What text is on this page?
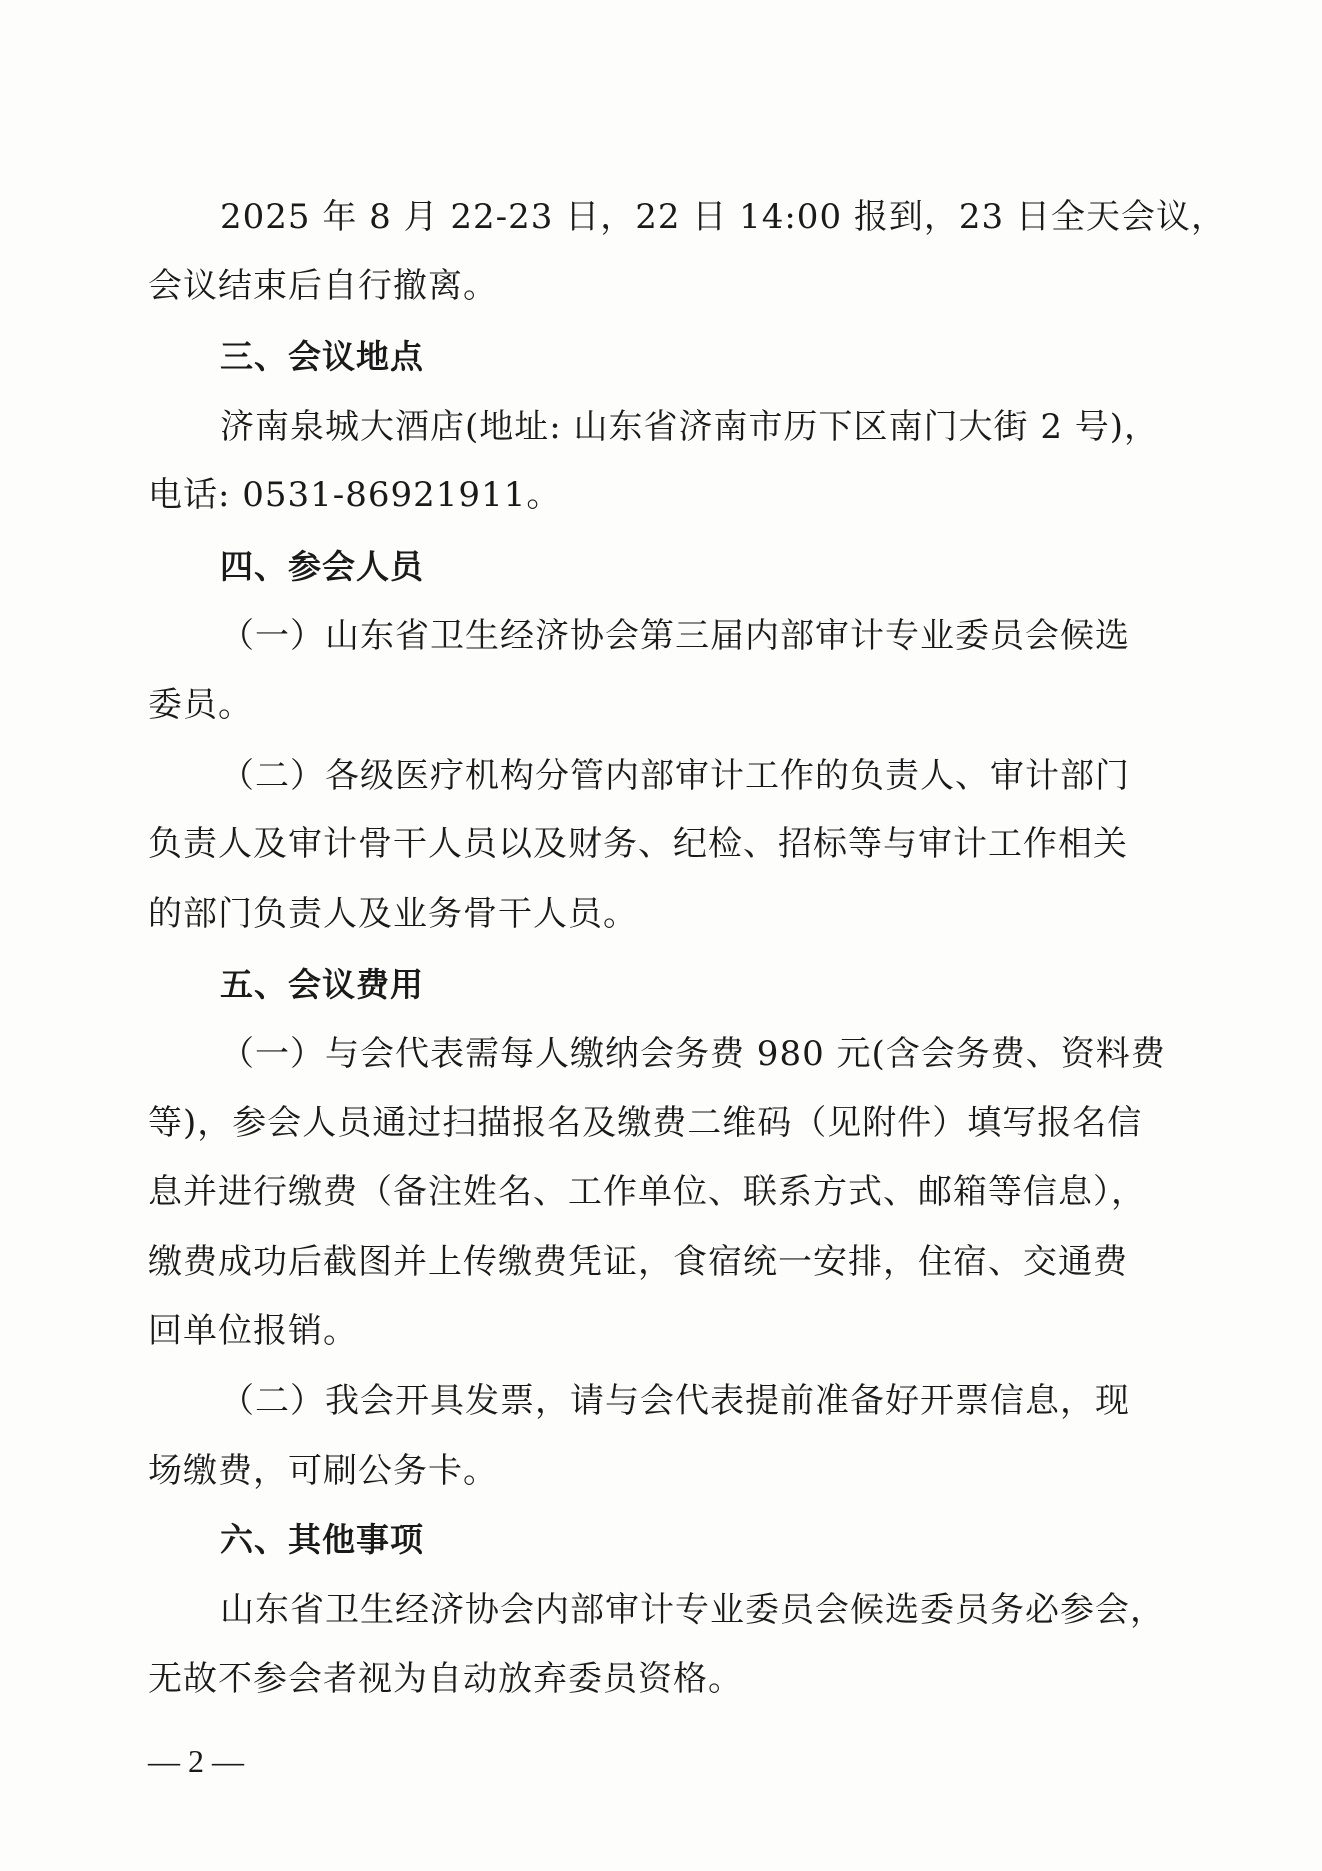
2025 年 8 月 22-23 日，22 日 14:00 报到，23 日全天会议，
会议结束后自行撤离。
三、会议地点
济南泉城大酒店(地址: 山东省济南市历下区南门大街 2 号)，
电话: 0531-86921911。
四、参会人员
（一）山东省卫生经济协会第三届内部审计专业委员会候选
委员。
（二）各级医疗机构分管内部审计工作的负责人、审计部门
负责人及审计骨干人员以及财务、纪检、招标等与审计工作相关
的部门负责人及业务骨干人员。
五、会议费用
（一）与会代表需每人缴纳会务费 980 元(含会务费、资料费
等)，参会人员通过扫描报名及缴费二维码（见附件）填写报名信
息并进行缴费（备注姓名、工作单位、联系方式、邮箱等信息），
缴费成功后截图并上传缴费凭证，食宿统一安排，住宿、交通费
回单位报销。
（二）我会开具发票，请与会代表提前准备好开票信息，现
场缴费，可刷公务卡。
六、其他事项
山东省卫生经济协会内部审计专业委员会候选委员务必参会，
无故不参会者视为自动放弃委员资格。
— 2 —
